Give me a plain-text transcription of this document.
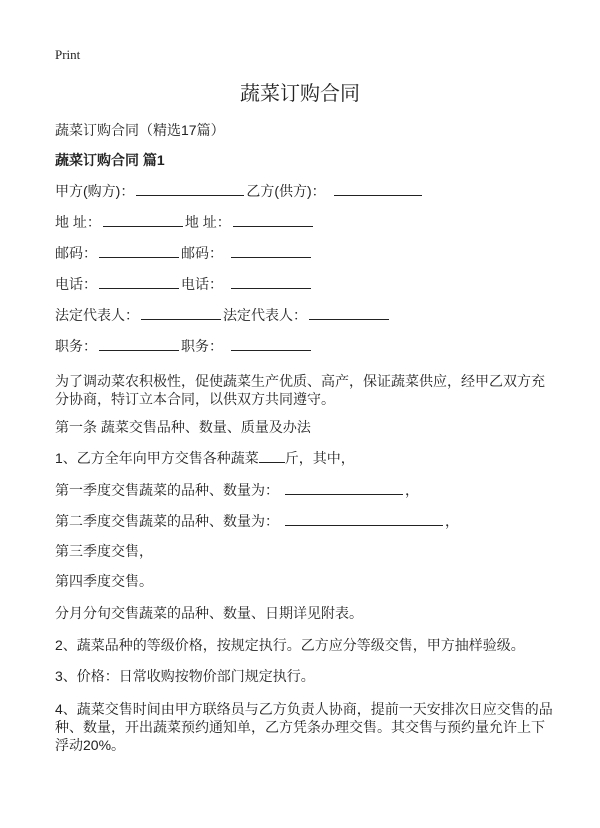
Print
蔬菜订购合同
蔬菜订购合同（精选17篇）
蔬菜订购合同 篇1
甲方(购方)：	乙方(供方)：
地 址：	地 址：
邮码：	邮码：
电话：	电话：
法定代表人：	法定代表人：
职务：	职务：
为了调动菜农积极性，促使蔬菜生产优质、高产，保证蔬菜供应，经甲乙双方充分协商，特订立本合同，以供双方共同遵守。
第一条 蔬菜交售品种、数量、质量及办法
1、乙方全年向甲方交售各种蔬菜 斤，其中，
第一季度交售蔬菜的品种、数量为：	，
第二季度交售蔬菜的品种、数量为：	，
第三季度交售，
第四季度交售。
分月分旬交售蔬菜的品种、数量、日期详见附表。
2、蔬菜品种的等级价格，按规定执行。乙方应分等级交售，甲方抽样验级。
3、价格：日常收购按物价部门规定执行。
4、蔬菜交售时间由甲方联络员与乙方负责人协商，提前一天安排次日应交售的品种、数量，开出蔬菜预约通知单，乙方凭条办理交售。其交售与预约量允许上下浮动20%。
